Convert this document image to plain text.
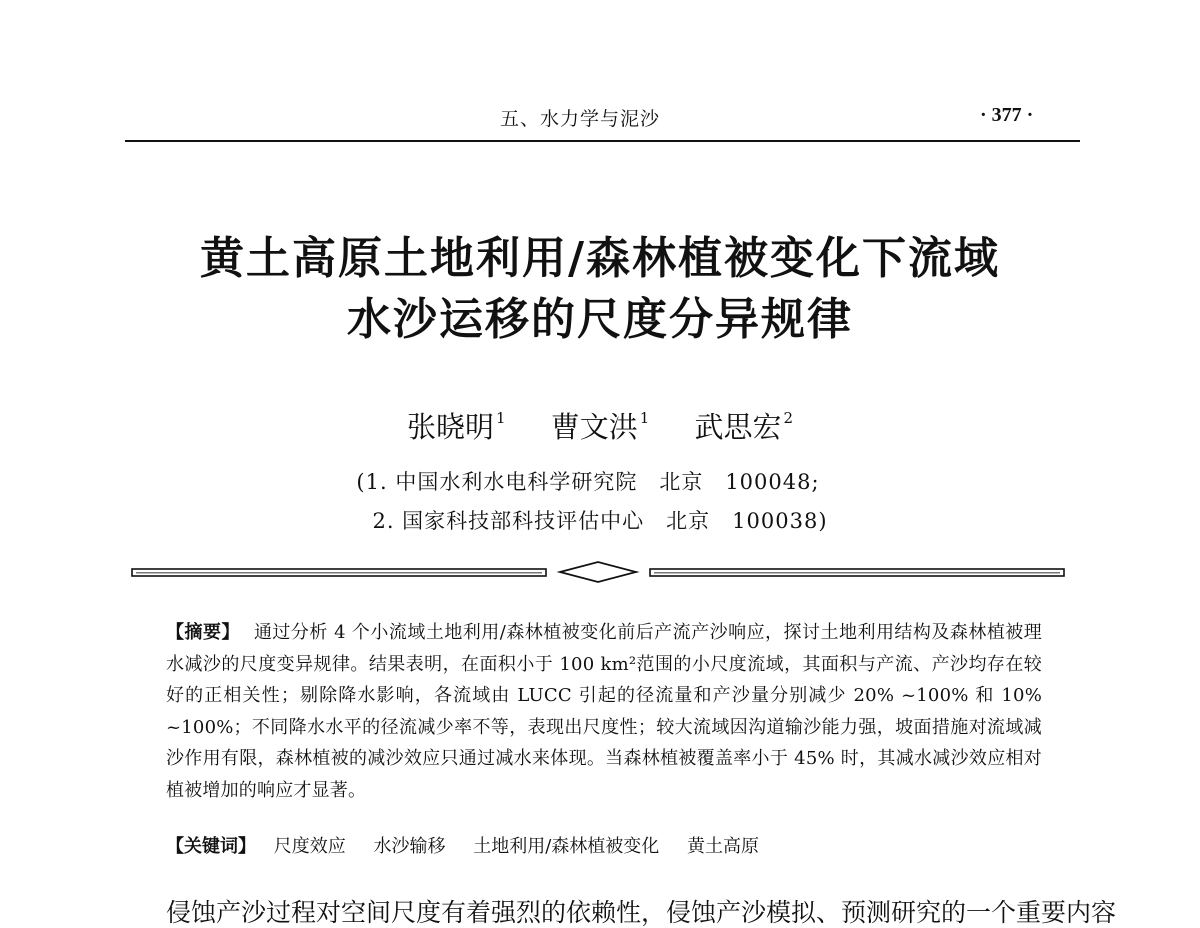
五、水力学与泥沙	· 377 ·
黄土高原土地利用/森林植被变化下流域
水沙运移的尺度分异规律
张晓明 $^1$ 曹文洪 $^1$ 武思宏 $^2$
(1. 中国水利水电科学研究院　北京　100048;
2. 国家科技部科技评估中心　北京　100038)
【摘要】 通过分析 4 个小流域土地利用/森林植被变化前后产流产沙响应，探讨土地利用结构及森林植被理水减沙的尺度变异规律。结果表明，在面积小于 100 km²范围的小尺度流域，其面积与产流、产沙均存在较好的正相关性；剔除降水影响，各流域由 LUCC 引起的径流量和产沙量分别减少 20% ~100% 和 10% ~100%；不同降水水平的径流减少率不等，表现出尺度性；较大流域因沟道输沙能力强，坡面措施对流域减沙作用有限，森林植被的减沙效应只通过减水来体现。当森林植被覆盖率小于 45% 时，其减水减沙效应相对植被增加的响应才显著。
【关键词】 尺度效应 水沙输移 土地利用/森林植被变化 黄土高原
侵蚀产沙过程对空间尺度有着强烈的依赖性，侵蚀产沙模拟、预测研究的一个重要内容
